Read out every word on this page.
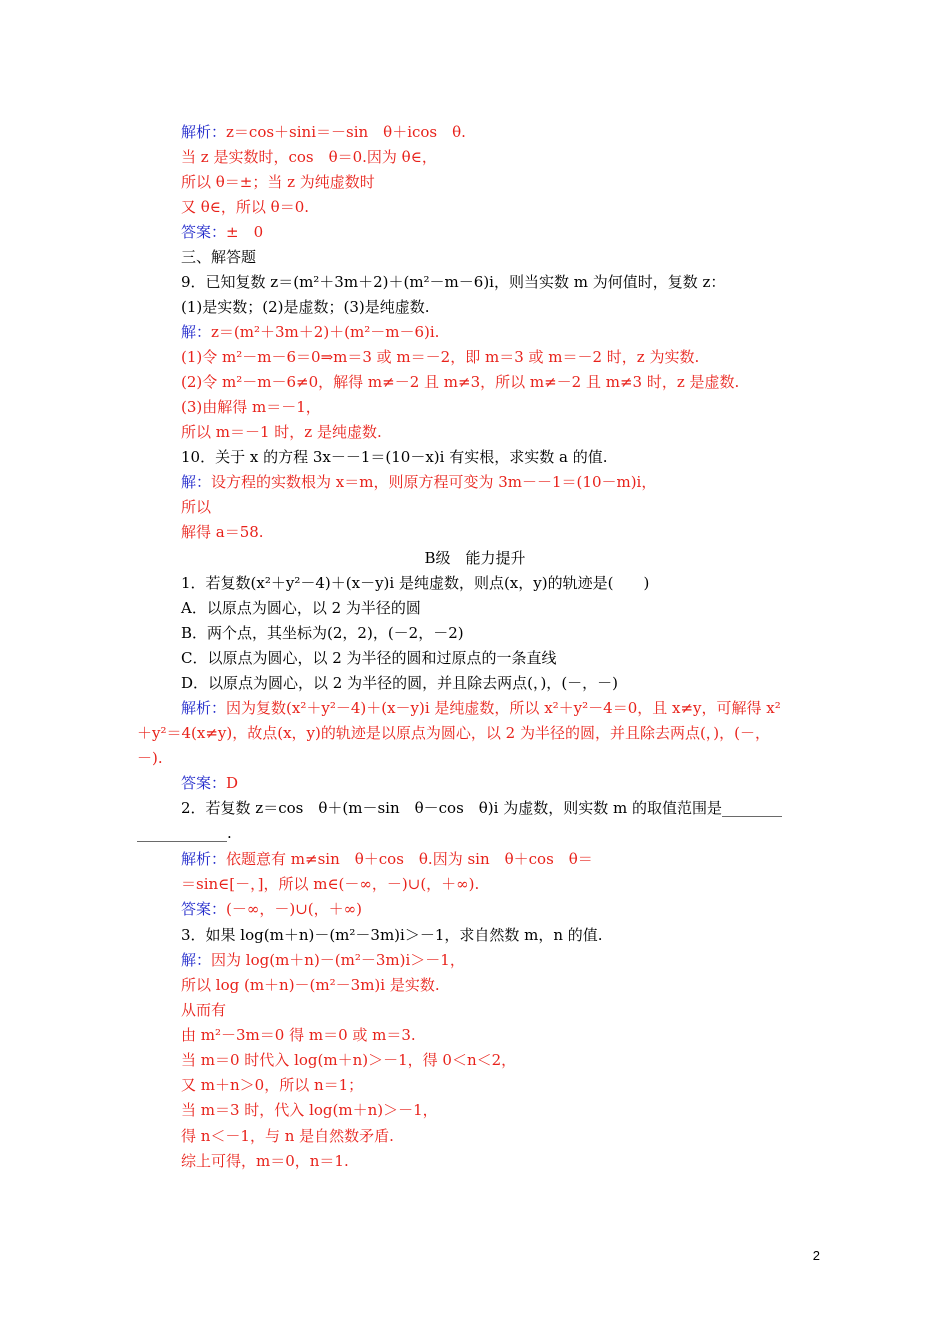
2
解析：z＝cos＋sini＝－sin　θ＋icos　θ.
当 z 是实数时，cos　θ＝0.因为 θ∈，
所以 θ＝±；当 z 为纯虚数时
又 θ∈，所以 θ＝0.
答案：±　0
三、解答题
9．已知复数 z＝(m²＋3m＋2)＋(m²－m－6)i，则当实数 m 为何值时，复数 z：
(1)是实数；(2)是虚数；(3)是纯虚数.
解：z＝(m²＋3m＋2)＋(m²－m－6)i.
(1)令 m²－m－6＝0⇒m＝3 或 m＝－2，即 m＝3 或 m＝－2 时，z 为实数.
(2)令 m²－m－6≠0，解得 m≠－2 且 m≠3，所以 m≠－2 且 m≠3 时，z 是虚数.
(3)由解得 m＝－1，
所以 m＝－1 时，z 是纯虚数.
10．关于 x 的方程 3x－－1＝(10－x)i 有实根，求实数 a 的值.
解：设方程的实数根为 x＝m，则原方程可变为 3m－－1＝(10－m)i，
所以
解得 a＝58.
B级　能力提升
1．若复数(x²＋y²－4)＋(x－y)i 是纯虚数，则点(x，y)的轨迹是(　　)
A．以原点为圆心，以 2 为半径的圆
B．两个点，其坐标为(2，2)，(－2，－2)
C．以原点为圆心，以 2 为半径的圆和过原点的一条直线
D．以原点为圆心，以 2 为半径的圆，并且除去两点(，)，(－，－)
解析：因为复数(x²＋y²－4)＋(x－y)i 是纯虚数，所以 x²＋y²－4＝0，且 x≠y，可解得 x²
＋y²＝4(x≠y)，故点(x，y)的轨迹是以原点为圆心，以 2 为半径的圆，并且除去两点(，)，(－，
－).
答案：D
2．若复数 z＝cos　θ＋(m－sin　θ－cos　θ)i 为虚数，则实数 m 的取值范围是________
____________.
解析：依题意有 m≠sin　θ＋cos　θ.因为 sin　θ＋cos　θ＝
＝sin∈[－，]，所以 m∈(－∞，－)∪(，＋∞).
答案：(－∞，－)∪(，＋∞)
3．如果 log(m＋n)－(m²－3m)i＞－1，求自然数 m，n 的值.
解：因为 log(m＋n)－(m²－3m)i＞－1，
所以 log (m＋n)－(m²－3m)i 是实数.
从而有
由 m²－3m＝0 得 m＝0 或 m＝3.
当 m＝0 时代入 log(m＋n)＞－1，得 0＜n＜2，
又 m＋n＞0，所以 n＝1；
当 m＝3 时，代入 log(m＋n)＞－1，
得 n＜－1，与 n 是自然数矛盾.
综上可得，m＝0，n＝1.
